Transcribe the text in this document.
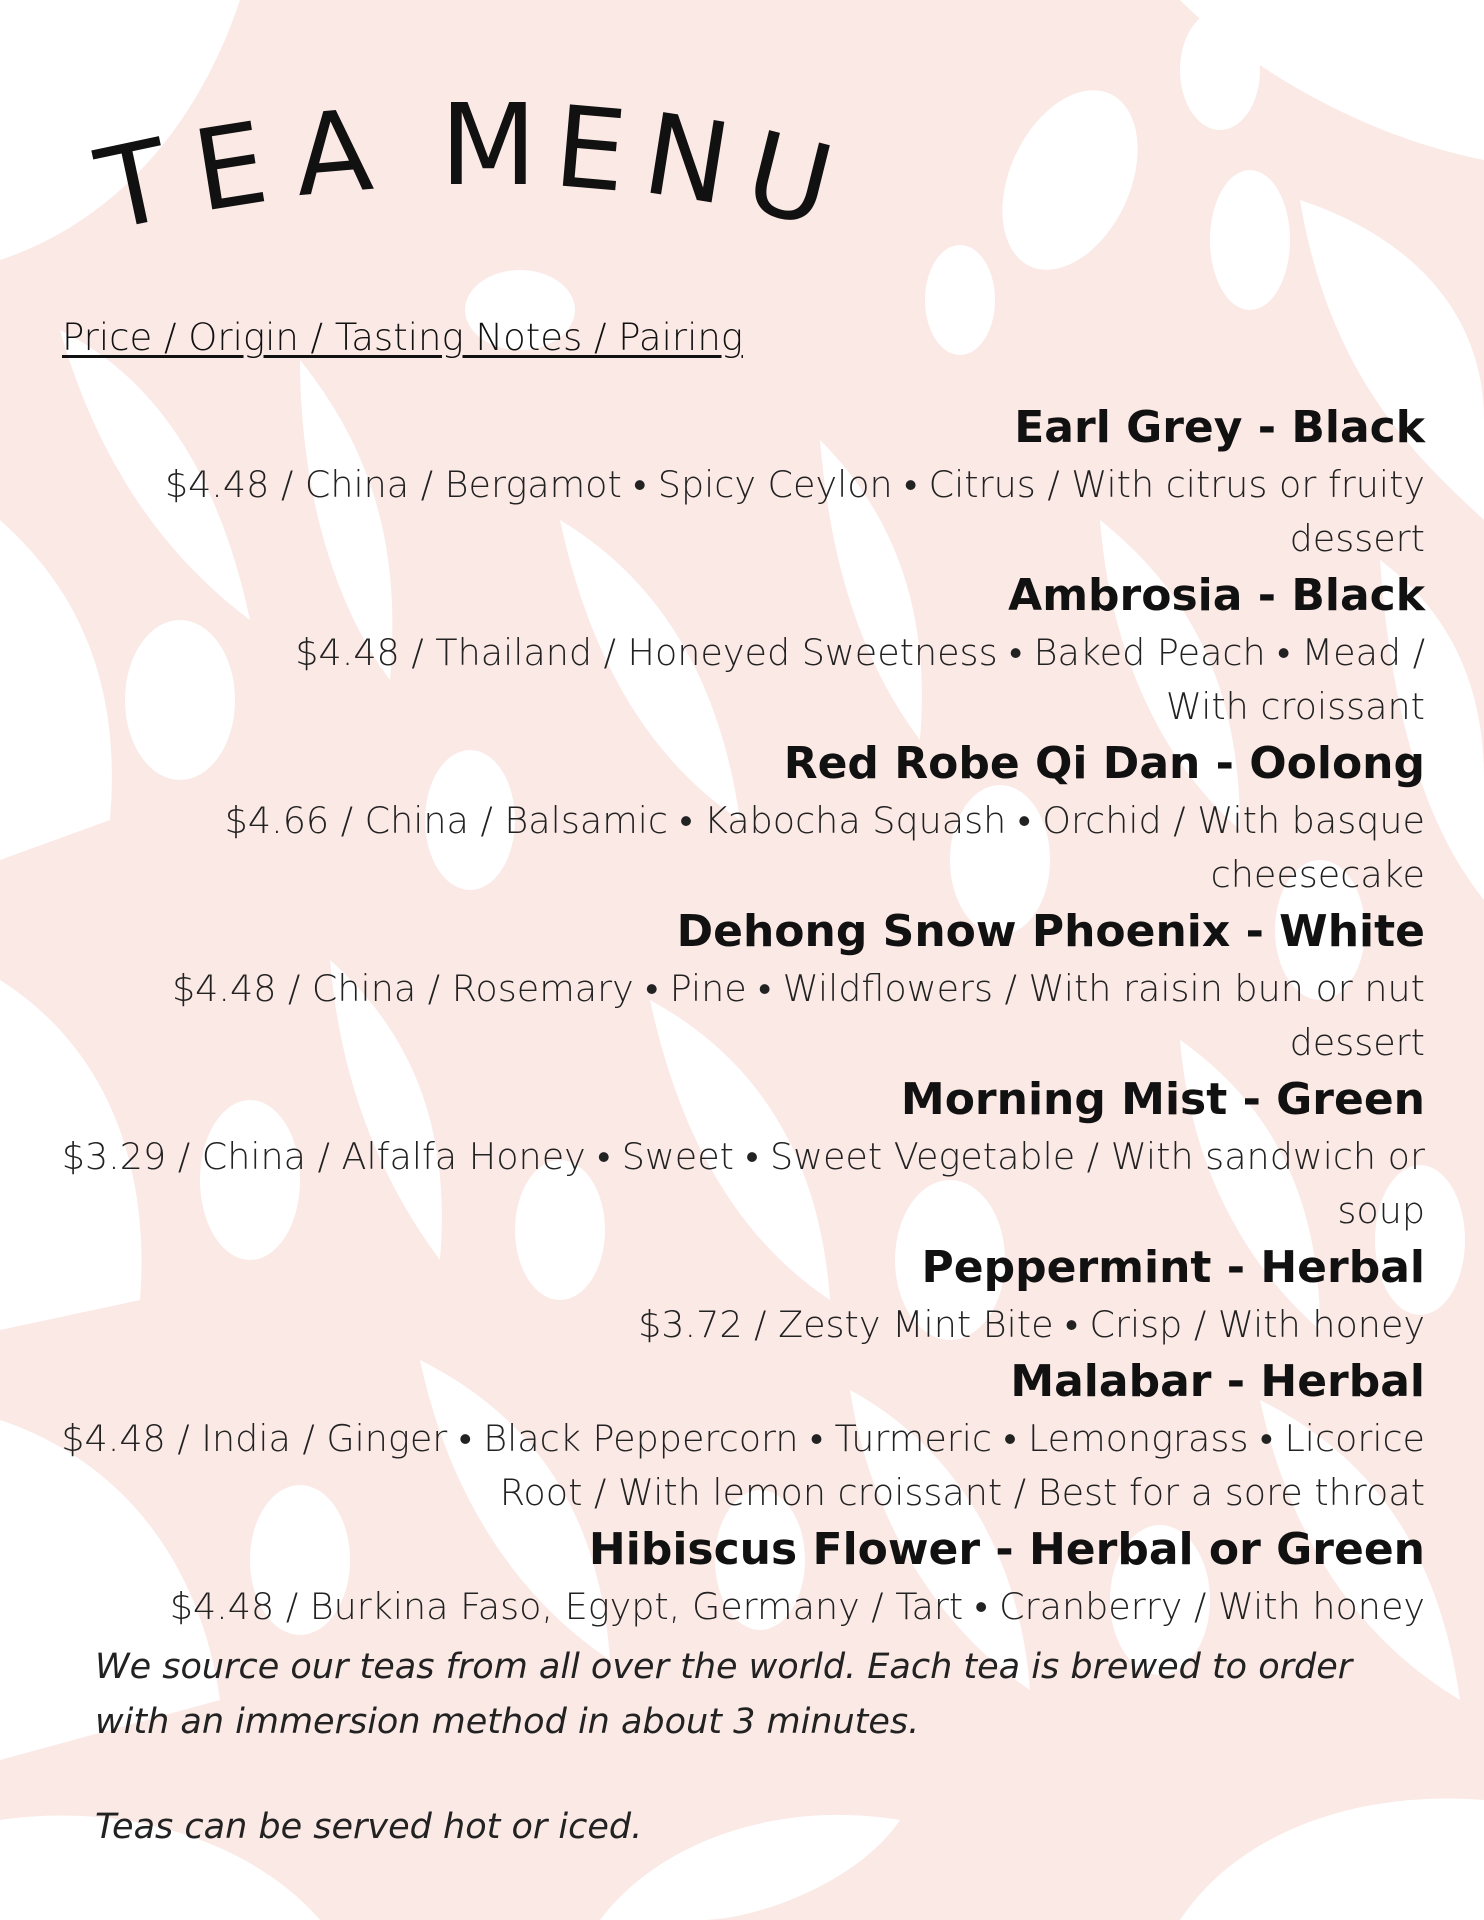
T E A M E N
U

Price / Origin / Tasting Notes / Pairing

Earl Grey - Black
$4.48 / China / Bergamot • Spicy Ceylon • Citrus / With citrus or fruity dessert
Ambrosia - Black
$4.48 / Thailand / Honeyed Sweetness • Baked Peach • Mead / With croissant
Red Robe Qi Dan - Oolong
$4.66 / China / Balsamic • Kabocha Squash • Orchid / With basque cheesecake
Dehong Snow Phoenix - White
$4.48 / China / Rosemary • Pine • Wildflowers / With raisin bun or nut dessert
Morning Mist - Green
$3.29 / China / Alfalfa Honey • Sweet • Sweet Vegetable / With sandwich or soup
Peppermint - Herbal
$3.72 / Zesty Mint Bite • Crisp / With honey
Malabar - Herbal
$4.48 / India / Ginger • Black Peppercorn • Turmeric • Lemongrass • Licorice Root / With lemon croissant / Best for a sore throat
Hibiscus Flower - Herbal or Green
$4.48 / Burkina Faso, Egypt, Germany / Tart • Cranberry / With honey

We source our teas from all over the world. Each tea is brewed to order with an immersion method in about 3 minutes.

Teas can be served hot or iced.
